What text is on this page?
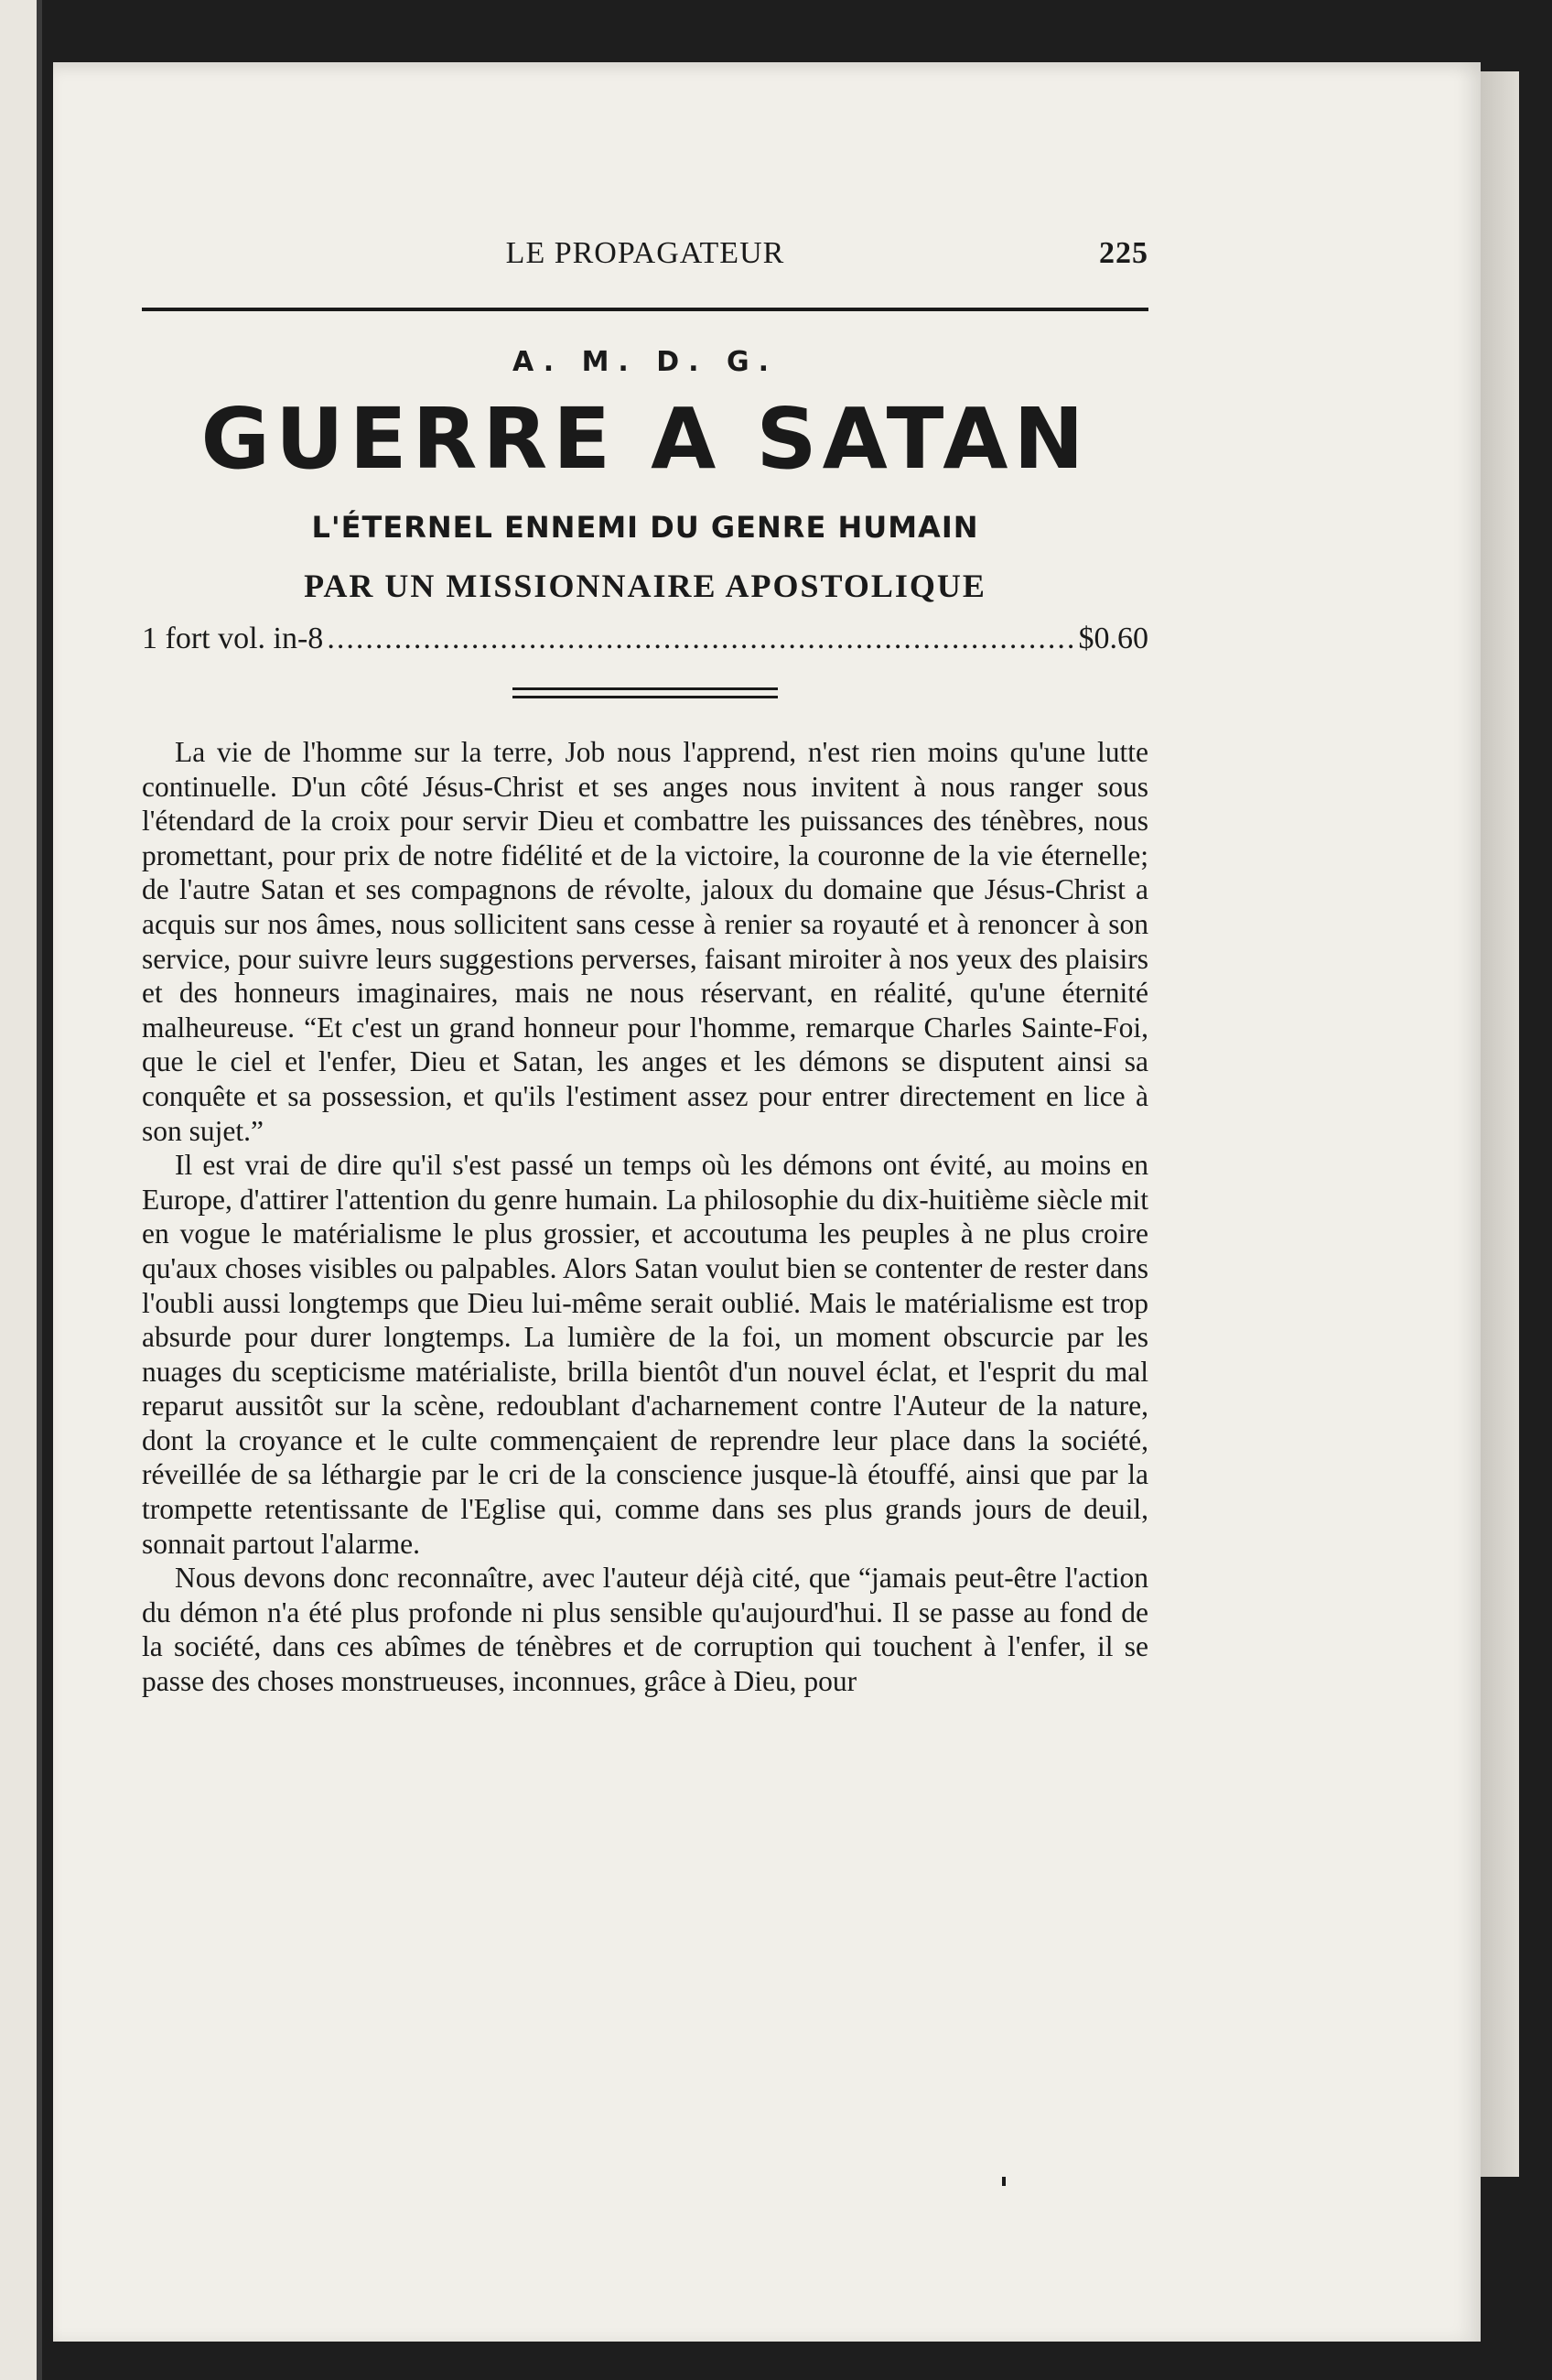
LE PROPAGATEUR	225
A. M. D. G.
GUERRE A SATAN
L'ÉTERNEL ENNEMI DU GENRE HUMAIN
PAR UN MISSIONNAIRE APOSTOLIQUE
1 fort vol. in-8
.....	$0.60

La vie de l'homme sur la terre, Job nous l'apprend, n'est rien moins qu'une lutte continuelle. D'un côté Jésus-Christ et ses anges nous invitent à nous ranger sous l'étendard de la croix pour servir Dieu et combattre les puissances des ténèbres, nous promettant, pour prix de notre fidélité et de la victoire, la couronne de la vie éternelle; de l'autre Satan et ses compagnons de révolte, jaloux du domaine que Jésus-Christ a acquis sur nos âmes, nous sollicitent sans cesse à renier sa royauté et à renoncer à son service, pour suivre leurs suggestions perverses, faisant miroiter à nos yeux des plaisirs et des honneurs imaginaires, mais ne nous réservant, en réalité, qu'une éternité malheureuse. “Et c'est un grand honneur pour l'homme, remarque Charles Sainte-Foi, que le ciel et l'enfer, Dieu et Satan, les anges et les démons se disputent ainsi sa conquête et sa possession, et qu'ils l'estiment assez pour entrer directement en lice à son sujet.”

Il est vrai de dire qu'il s'est passé un temps où les démons ont évité, au moins en Europe, d'attirer l'attention du genre humain. La philosophie du dix-huitième siècle mit en vogue le matérialisme le plus grossier, et accoutuma les peuples à ne plus croire qu'aux choses visibles ou palpables. Alors Satan voulut bien se contenter de rester dans l'oubli aussi longtemps que Dieu lui-même serait oublié. Mais le matérialisme est trop absurde pour durer longtemps. La lumière de la foi, un moment obscurcie par les nuages du scepticisme matérialiste, brilla bientôt d'un nouvel éclat, et l'esprit du mal reparut aussitôt sur la scène, redoublant d'acharnement contre l'Auteur de la nature, dont la croyance et le culte commençaient de reprendre leur place dans la société, réveillée de sa léthargie par le cri de la conscience jusque-là étouffé, ainsi que par la trompette retentissante de l'Eglise qui, comme dans ses plus grands jours de deuil, sonnait partout l'alarme.

Nous devons donc reconnaître, avec l'auteur déjà cité, que “jamais peut-être l'action du démon n'a été plus profonde ni plus sensible qu'aujourd'hui. Il se passe au fond de la société, dans ces abîmes de ténèbres et de corruption qui touchent à l'enfer, il se passe des choses monstrueuses, inconnues, grâce à Dieu, pour
